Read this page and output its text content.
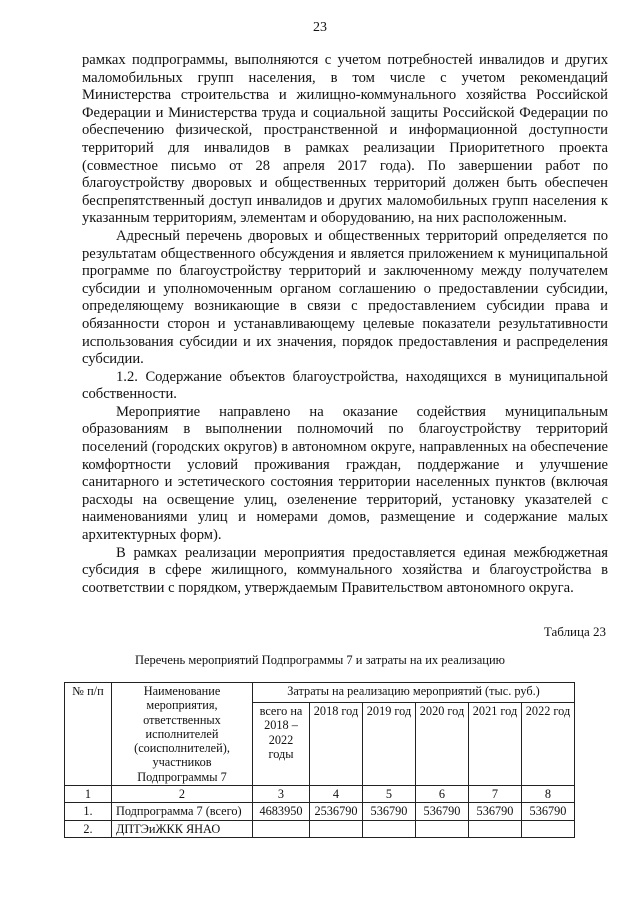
23

рамках подпрограммы, выполняются с учетом потребностей инвалидов и других маломобильных групп населения, в том числе с учетом рекомендаций Министерства строительства и жилищно-коммунального хозяйства Российской Федерации и Министерства труда и социальной защиты Российской Федерации по обеспечению физической, пространственной и информационной доступности территорий для инвалидов в рамках реализации Приоритетного проекта (совместное письмо от 28 апреля 2017 года). По завершении работ по благоустройству дворовых и общественных территорий должен быть обеспечен беспрепятственный доступ инвалидов и других маломобильных групп населения к указанным территориям, элементам и оборудованию, на них расположенным.

Адресный перечень дворовых и общественных территорий определяется по результатам общественного обсуждения и является приложением к муниципальной программе по благоустройству территорий и заключенному между получателем субсидии и уполномоченным органом соглашению о предоставлении субсидии, определяющему возникающие в связи с предоставлением субсидии права и обязанности сторон и устанавливающему целевые показатели результативности использования субсидии и их значения, порядок предоставления и распределения субсидии.

1.2. Содержание объектов благоустройства, находящихся в муниципальной собственности.

Мероприятие направлено на оказание содействия муниципальным образованиям в выполнении полномочий по благоустройству территорий поселений (городских округов) в автономном округе, направленных на обеспечение комфортности условий проживания граждан, поддержание и улучшение санитарного и эстетического состояния территории населенных пунктов (включая расходы на освещение улиц, озеленение территорий, установку указателей с наименованиями улиц и номерами домов, размещение и содержание малых архитектурных форм).

В рамках реализации мероприятия предоставляется единая межбюджетная субсидия в сфере жилищного, коммунального хозяйства и благоустройства в соответствии с порядком, утверждаемым Правительством автономного округа.

Таблица 23
Перечень мероприятий Подпрограммы 7 и затраты на их реализацию
№ п/п	Наименование мероприятия, ответственных исполнителей (соисполнителей), участников Подпрограммы 7	Затраты на реализацию мероприятий (тыс. руб.)					
		всего на 2018 – 2022 годы	2018 год	2019 год	2020 год	2021 год	2022 год
1	2	3	4	5	6	7	8
1.	Подпрограмма 7 (всего)	4683950	2536790	536790	536790	536790	536790
2.	ДПТЭиЖКК ЯНАО						
